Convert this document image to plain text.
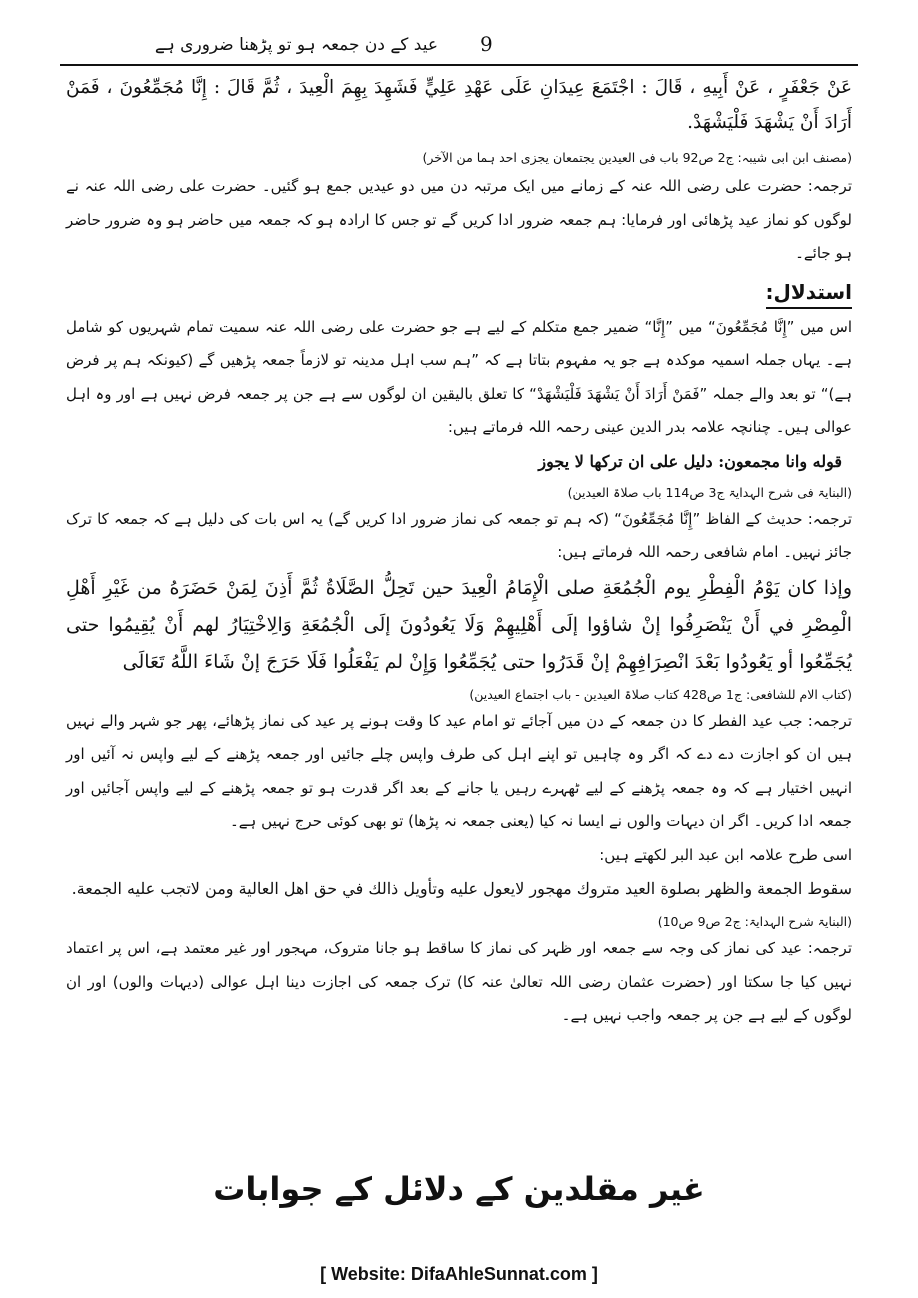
عید کے دن جمعہ ہو تو پڑھنا ضروری ہے 9

عَنْ جَعْفَرٍ ، عَنْ أَبِيهِ ، قَالَ : اجْتَمَعَ عِيدَانِ عَلَى عَهْدِ عَلِيٍّ فَشَهِدَ بِهِمَ الْعِيدَ ، ثُمَّ قَالَ : إِنَّا مُجَمِّعُونَ ، فَمَنْ أَرَادَ أَنْ يَشْهَدَ فَلْيَشْهَدْ.

(مصنف ابن ابی شیبہ: ج2 ص92 باب فی العیدین یجتمعان یجزی احد ہما من الآخر)

ترجمہ: حضرت علی رضی اللہ عنہ کے زمانے میں ایک مرتبہ دن میں دو عیدیں جمع ہو گئیں۔ حضرت علی رضی اللہ عنہ نے لوگوں کو نماز عید پڑھائی اور فرمایا: ہم جمعہ ضرور ادا کریں گے تو جس کا ارادہ ہو کہ جمعہ میں حاضر ہو وہ ضرور حاضر ہو جائے۔

استدلال:

اس میں ”إِنَّا مُجَمِّعُونَ“ میں ”إِنَّا“ ضمیر جمع متکلم کے لیے ہے جو حضرت علی رضی اللہ عنہ سمیت تمام شہریوں کو شامل ہے۔ یہاں جملہ اسمیہ موکدہ ہے جو یہ مفہوم بتاتا ہے کہ ”ہم سب اہل مدینہ تو لازماً جمعہ پڑھیں گے (کیونکہ ہم پر فرض ہے)“ تو بعد والے جملہ ”فَمَنْ أَرَادَ أَنْ يَشْهَدَ فَلْيَشْهَدْ“ کا تعلق بالیقین ان لوگوں سے ہے جن پر جمعہ فرض نہیں ہے اور وہ اہل عوالی ہیں۔ چنانچہ علامہ بدر الدین عینی رحمہ اللہ فرماتے ہیں:

قوله وانا مجمعون: دلیل علی ان ترکھا لا یجوز

(البنایۃ فی شرح الہدایۃ ج3 ص114 باب صلاۃ العیدین)

ترجمہ: حدیث کے الفاظ ”إِنَّا مُجَمِّعُونَ“ (کہ ہم تو جمعہ کی نماز ضرور ادا کریں گے) یہ اس بات کی دلیل ہے کہ جمعہ کا ترک جائز نہیں۔ امام شافعی رحمہ اللہ فرماتے ہیں:

وإذا كان يَوْمُ الْفِطْرِ يوم الْجُمُعَةِ صلى الْإِمَامُ الْعِيدَ حين تَحِلُّ الصَّلَاةُ ثُمَّ أَذِنَ لِمَنْ حَضَرَهُ من غَيْرِ أَهْلِ الْمِصْرِ في أَنْ يَنْصَرِفُوا إنْ شاؤوا إلَى أَهْلِيهِمْ وَلَا يَعُودُونَ إلَى الْجُمُعَةِ وَالِاخْتِيَارُ لهم أَنْ يُقِيمُوا حتى يُجَمِّعُوا أو يَعُودُوا بَعْدَ انْصِرَافِهِمْ إنْ قَدَرُوا حتى يُجَمِّعُوا وَإِنْ لم يَفْعَلُوا فَلَا حَرَجَ إنْ شَاءَ اللَّهُ تَعَالَى

(کتاب الام للشافعی: ج1 ص428 کتاب صلاۃ العیدین - باب اجتماع العیدین)

ترجمہ: جب عید الفطر کا دن جمعہ کے دن میں آجائے تو امام عید کا وقت ہونے پر عید کی نماز پڑھائے، پھر جو شہر والے نہیں ہیں ان کو اجازت دے دے کہ اگر وہ چاہیں تو اپنے اہل کی طرف واپس چلے جائیں اور جمعہ پڑھنے کے لیے واپس نہ آئیں اور انہیں اختیار ہے کہ وہ جمعہ پڑھنے کے لیے ٹھہرے رہیں یا جانے کے بعد اگر قدرت ہو تو جمعہ پڑھنے کے لیے واپس آجائیں اور جمعہ ادا کریں۔ اگر ان دیہات والوں نے ایسا نہ کیا (یعنی جمعہ نہ پڑھا) تو بھی کوئی حرج نہیں ہے۔

اسی طرح علامہ ابن عبد البر لکھتے ہیں:

سقوط الجمعة والظهر بصلوة العيد متروك مهجور لايعول عليه وتأويل ذالك في حق اهل العالية ومن لاتجب عليه الجمعة.

(البنایۃ شرح الہدایۃ: ج2 ص9 ص10)

ترجمہ: عید کی نماز کی وجہ سے جمعہ اور ظہر کی نماز کا ساقط ہو جانا متروک، مہجور اور غیر معتمد ہے، اس پر اعتماد نہیں کیا جا سکتا اور (حضرت عثمان رضی اللہ تعالیٰ عنہ کا) ترک جمعہ کی اجازت دینا اہل عوالی (دیہات والوں) اور ان لوگوں کے لیے ہے جن پر جمعہ واجب نہیں ہے۔

غیر مقلدین کے دلائل کے جوابات
[ Website: DifaAhleSunnat.com ]
